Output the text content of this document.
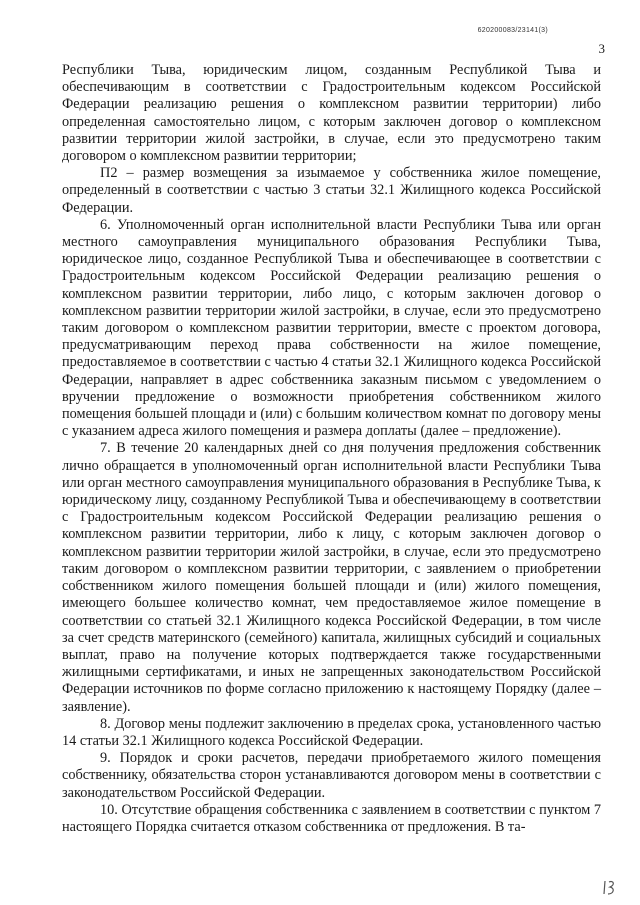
620200083/23141(3)
3

Республики Тыва, юридическим лицом, созданным Республикой Тыва и обеспечивающим в соответствии с Градостроительным кодексом Российской Федерации реализацию решения о комплексном развитии территории) либо определенная самостоятельно лицом, с которым заключен договор о комплексном развитии территории жилой застройки, в случае, если это предусмотрено таким договором о комплексном развитии территории;

П2 – размер возмещения за изымаемое у собственника жилое помещение, определенный в соответствии с частью 3 статьи 32.1 Жилищного кодекса Российской Федерации.

6. Уполномоченный орган исполнительной власти Республики Тыва или орган местного самоуправления муниципального образования Республики Тыва, юридическое лицо, созданное Республикой Тыва и обеспечивающее в соответствии с Градостроительным кодексом Российской Федерации реализацию решения о комплексном развитии территории, либо лицо, с которым заключен договор о комплексном развитии территории жилой застройки, в случае, если это предусмотрено таким договором о комплексном развитии территории, вместе с проектом договора, предусматривающим переход права собственности на жилое помещение, предоставляемое в соответствии с частью 4 статьи 32.1 Жилищного кодекса Российской Федерации, направляет в адрес собственника заказным письмом с уведомлением о вручении предложение о возможности приобретения собственником жилого помещения большей площади и (или) с большим количеством комнат по договору мены с указанием адреса жилого помещения и размера доплаты (далее – предложение).

7. В течение 20 календарных дней со дня получения предложения собственник лично обращается в уполномоченный орган исполнительной власти Республики Тыва или орган местного самоуправления муниципального образования в Республике Тыва, к юридическому лицу, созданному Республикой Тыва и обеспечивающему в соответствии с Градостроительным кодексом Российской Федерации реализацию решения о комплексном развитии территории, либо к лицу, с которым заключен договор о комплексном развитии территории жилой застройки, в случае, если это предусмотрено таким договором о комплексном развитии территории, с заявлением о приобретении собственником жилого помещения большей площади и (или) жилого помещения, имеющего большее количество комнат, чем предоставляемое жилое помещение в соответствии со статьей 32.1 Жилищного кодекса Российской Федерации, в том числе за счет средств материнского (семейного) капитала, жилищных субсидий и социальных выплат, право на получение которых подтверждается также государственными жилищными сертификатами, и иных не запрещенных законодательством Российской Федерации источников по форме согласно приложению к настоящему Порядку (далее – заявление).

8. Договор мены подлежит заключению в пределах срока, установленного частью 14 статьи 32.1 Жилищного кодекса Российской Федерации.

9. Порядок и сроки расчетов, передачи приобретаемого жилого помещения собственнику, обязательства сторон устанавливаются договором мены в соответствии с законодательством Российской Федерации.

10. Отсутствие обращения собственника с заявлением в соответствии с пунктом 7 настоящего Порядка считается отказом собственника от предложения. В та-
